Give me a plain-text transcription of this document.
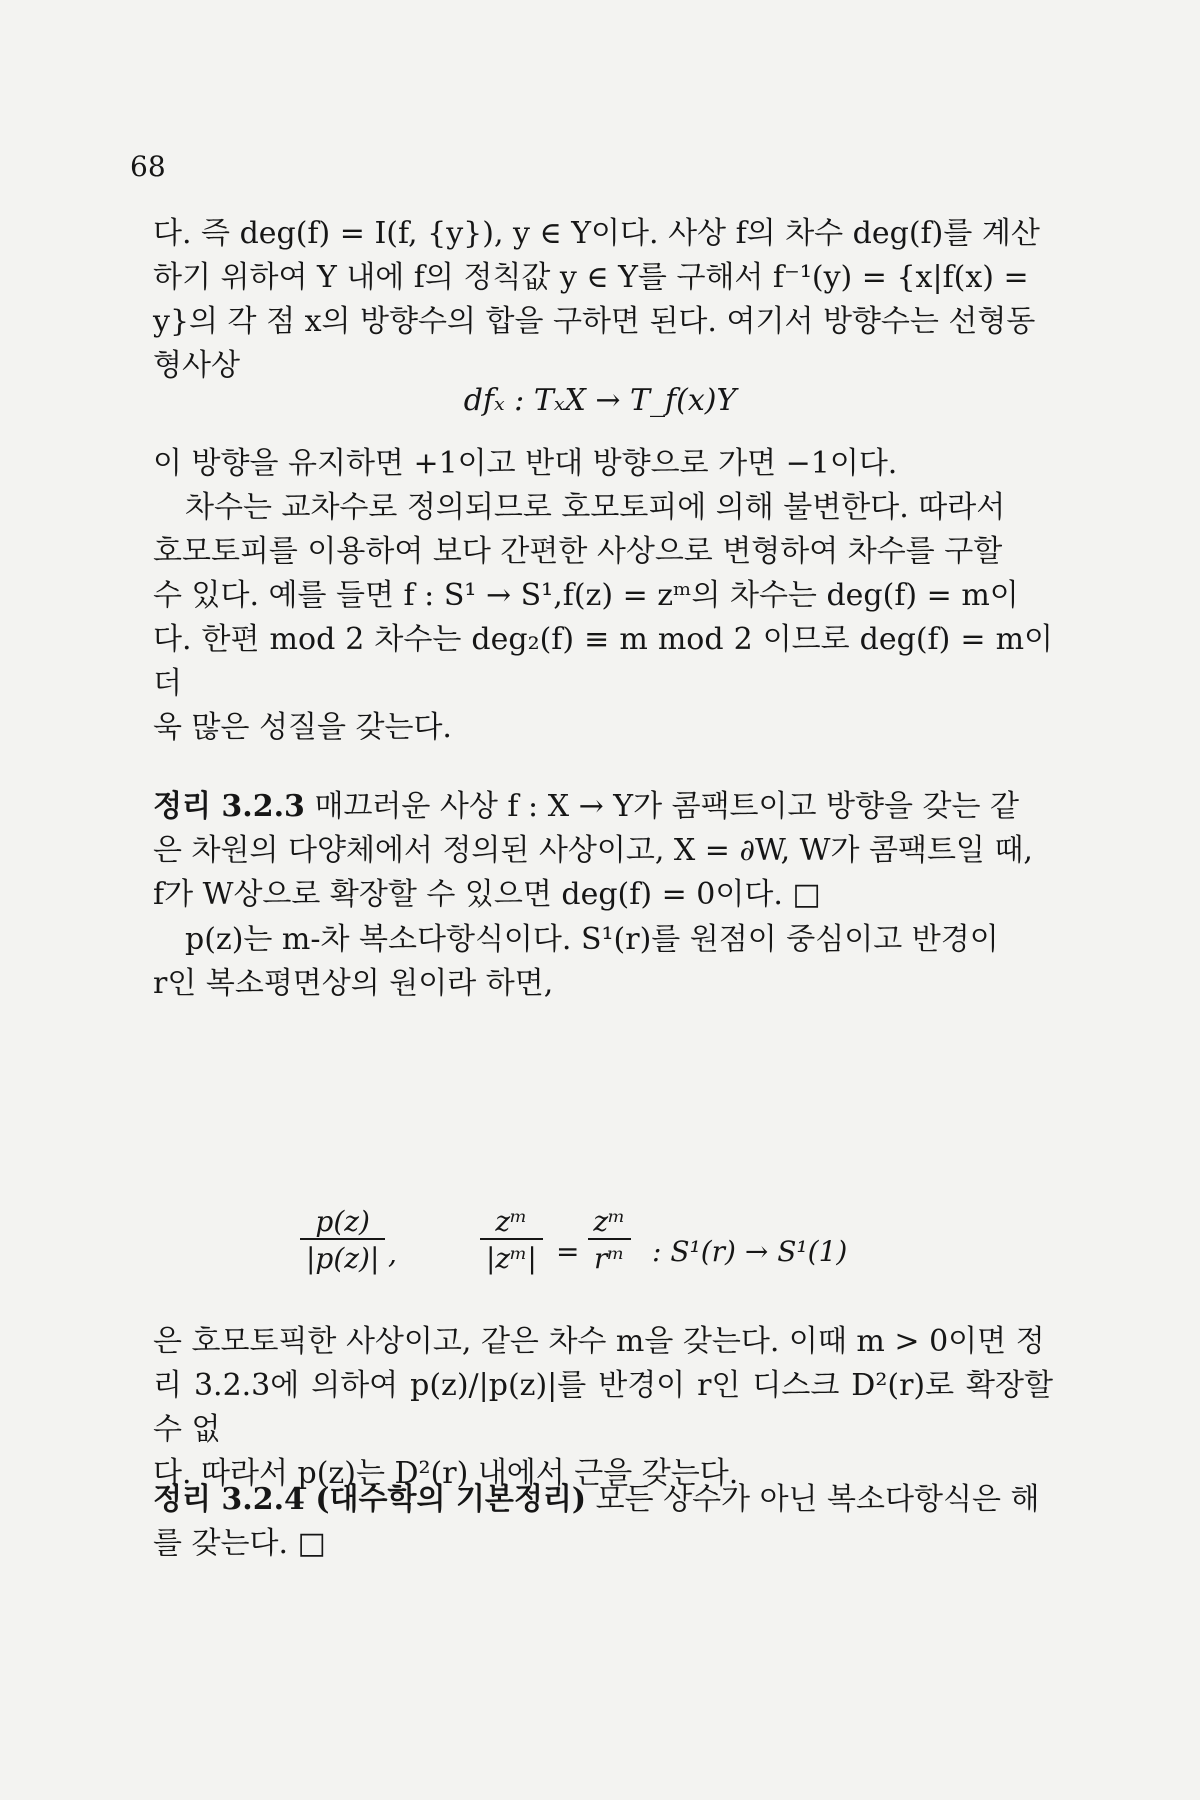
68
다. 즉 deg(f) = I(f, {y}), y ∈ Y이다. 사상 f의 차수 deg(f)를 계산
하기 위하여 Y 내에 f의 정칙값 y ∈ Y를 구해서 f⁻¹(y) = {x|f(x) =
y}의 각 점 x의 방향수의 합을 구하면 된다. 여기서 방향수는 선형동
형사상
dfₓ : TₓX → T_f(x)Y
이 방향을 유지하면 +1이고 반대 방향으로 가면 −1이다.
차수는 교차수로 정의되므로 호모토피에 의해 불변한다. 따라서
호모토피를 이용하여 보다 간편한 사상으로 변형하여 차수를 구할
수 있다. 예를 들면 f : S¹ → S¹,f(z) = zᵐ의 차수는 deg(f) = m이
다. 한편 mod 2 차수는 deg₂(f) ≡ m mod 2 이므로 deg(f) = m이 더
욱 많은 성질을 갖는다.
정리 3.2.3 매끄러운 사상 f : X → Y가 콤팩트이고 방향을 갖는 같
은 차원의 다양체에서 정의된 사상이고, X = ∂W, W가 콤팩트일 때,
f가 W상으로 확장할 수 있으면 deg(f) = 0이다. □
p(z)는 m-차 복소다항식이다. S¹(r)를 원점이 중심이고 반경이
r인 복소평면상의 원이라 하면,
$\frac{p(z)}{|p(z)|}$ ,	$\frac{\text{zᵐ}}{\text{|zᵐ|}} = \frac{\text{zᵐ}}{\text{rᵐ}}$ : S¹(r) → S¹(1)
은 호모토픽한 사상이고, 같은 차수 m을 갖는다. 이때 m > 0이면 정
리 3.2.3에 의하여 p(z)/|p(z)|를 반경이 r인 디스크 D²(r)로 확장할 수 없
다. 따라서 p(z)는 D²(r) 내에서 근을 갖는다.
정리 3.2.4 (대수학의 기본정리) 모든 상수가 아닌 복소다항식은 해
를 갖는다. □
